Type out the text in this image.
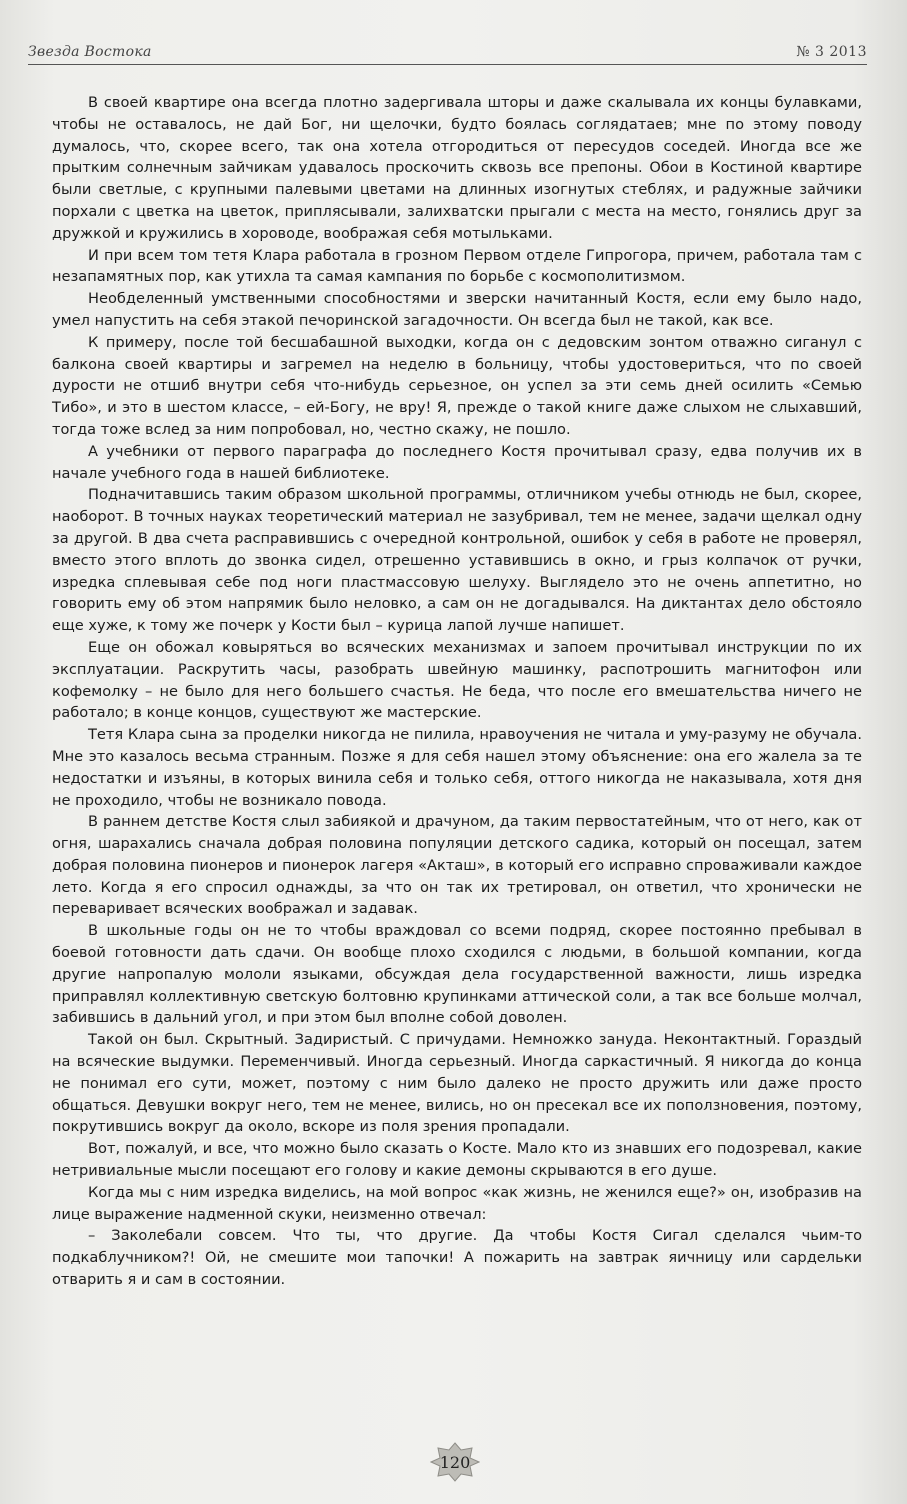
Звезда Востока	№ 3 2013

В своей квартире она всегда плотно задергивала шторы и даже скалывала их концы булавками, чтобы не оставалось, не дай Бог, ни щелочки, будто боялась соглядатаев; мне по этому поводу думалось, что, скорее всего, так она хотела отгородиться от пересудов соседей. Иногда все же прытким солнечным зайчикам удавалось проскочить сквозь все препоны. Обои в Костиной квартире были светлые, с крупными палевыми цветами на длинных изогнутых стеблях, и радужные зайчики порхали с цветка на цветок, приплясывали, залихватски прыгали с места на место, гонялись друг за дружкой и кружились в хороводе, воображая себя мотыльками.

И при всем том тетя Клара работала в грозном Первом отделе Гипрогора, причем, работала там с незапамятных пор, как утихла та самая кампания по борьбе с космополитизмом.

Необделенный умственными способностями и зверски начитанный Костя, если ему было надо, умел напустить на себя этакой печоринской загадочности. Он всегда был не такой, как все.

К примеру, после той бесшабашной выходки, когда он с дедовским зонтом отважно сиганул с балкона своей квартиры и загремел на неделю в больницу, чтобы удостовериться, что по своей дурости не отшиб внутри себя что-нибудь серьезное, он успел за эти семь дней осилить «Семью Тибо», и это в шестом классе, – ей-Богу, не вру! Я, прежде о такой книге даже слыхом не слыхавший, тогда тоже вслед за ним попробовал, но, честно скажу, не пошло.

А учебники от первого параграфа до последнего Костя прочитывал сразу, едва получив их в начале учебного года в нашей библиотеке.

Подначитавшись таким образом школьной программы, отличником учебы отнюдь не был, скорее, наоборот. В точных науках теоретический материал не зазубривал, тем не менее, задачи щелкал одну за другой. В два счета расправившись с очередной контрольной, ошибок у себя в работе не проверял, вместо этого вплоть до звонка сидел, отрешенно уставившись в окно, и грыз колпачок от ручки, изредка сплевывая себе под ноги пластмассовую шелуху. Выглядело это не очень аппетитно, но говорить ему об этом напрямик было неловко, а сам он не догадывался. На диктантах дело обстояло еще хуже, к тому же почерк у Кости был – курица лапой лучше напишет.

Еще он обожал ковыряться во всяческих механизмах и запоем прочитывал инструкции по их эксплуатации. Раскрутить часы, разобрать швейную машинку, распотрошить магнитофон или кофемолку – не было для него большего счастья. Не беда, что после его вмешательства ничего не работало; в конце концов, существуют же мастерские.

Тетя Клара сына за проделки никогда не пилила, нравоучения не читала и уму-разуму не обучала. Мне это казалось весьма странным. Позже я для себя нашел этому объяснение: она его жалела за те недостатки и изъяны, в которых винила себя и только себя, оттого никогда не наказывала, хотя дня не проходило, чтобы не возникало повода.

В раннем детстве Костя слыл забиякой и драчуном, да таким первостатейным, что от него, как от огня, шарахались сначала добрая половина популяции детского садика, который он посещал, затем добрая половина пионеров и пионерок лагеря «Акташ», в который его исправно спроваживали каждое лето. Когда я его спросил однажды, за что он так их третировал, он ответил, что хронически не переваривает всяческих воображал и задавак.

В школьные годы он не то чтобы враждовал со всеми подряд, скорее постоянно пребывал в боевой готовности дать сдачи. Он вообще плохо сходился с людьми, в большой компании, когда другие напропалую мололи языками, обсуждая дела государственной важности, лишь изредка приправлял коллективную светскую болтовню крупинками аттической соли, а так все больше молчал, забившись в дальний угол, и при этом был вполне собой доволен.

Такой он был. Скрытный. Задиристый. С причудами. Немножко зануда. Неконтактный. Гораздый на всяческие выдумки. Переменчивый. Иногда серьезный. Иногда саркастичный. Я никогда до конца не понимал его сути, может, поэтому с ним было далеко не просто дружить или даже просто общаться. Девушки вокруг него, тем не менее, вились, но он пресекал все их поползновения, поэтому, покрутившись вокруг да около, вскоре из поля зрения пропадали.

Вот, пожалуй, и все, что можно было сказать о Косте. Мало кто из знавших его подозревал, какие нетривиальные мысли посещают его голову и какие демоны скрываются в его душе.

Когда мы с ним изредка виделись, на мой вопрос «как жизнь, не женился еще?» он, изобразив на лице выражение надменной скуки, неизменно отвечал:

– Заколебали совсем. Что ты, что другие. Да чтобы Костя Сигал сделался чьим-то подкаблучником?! Ой, не смешите мои тапочки! А пожарить на завтрак яичницу или сардельки отварить я и сам в состоянии.

120
